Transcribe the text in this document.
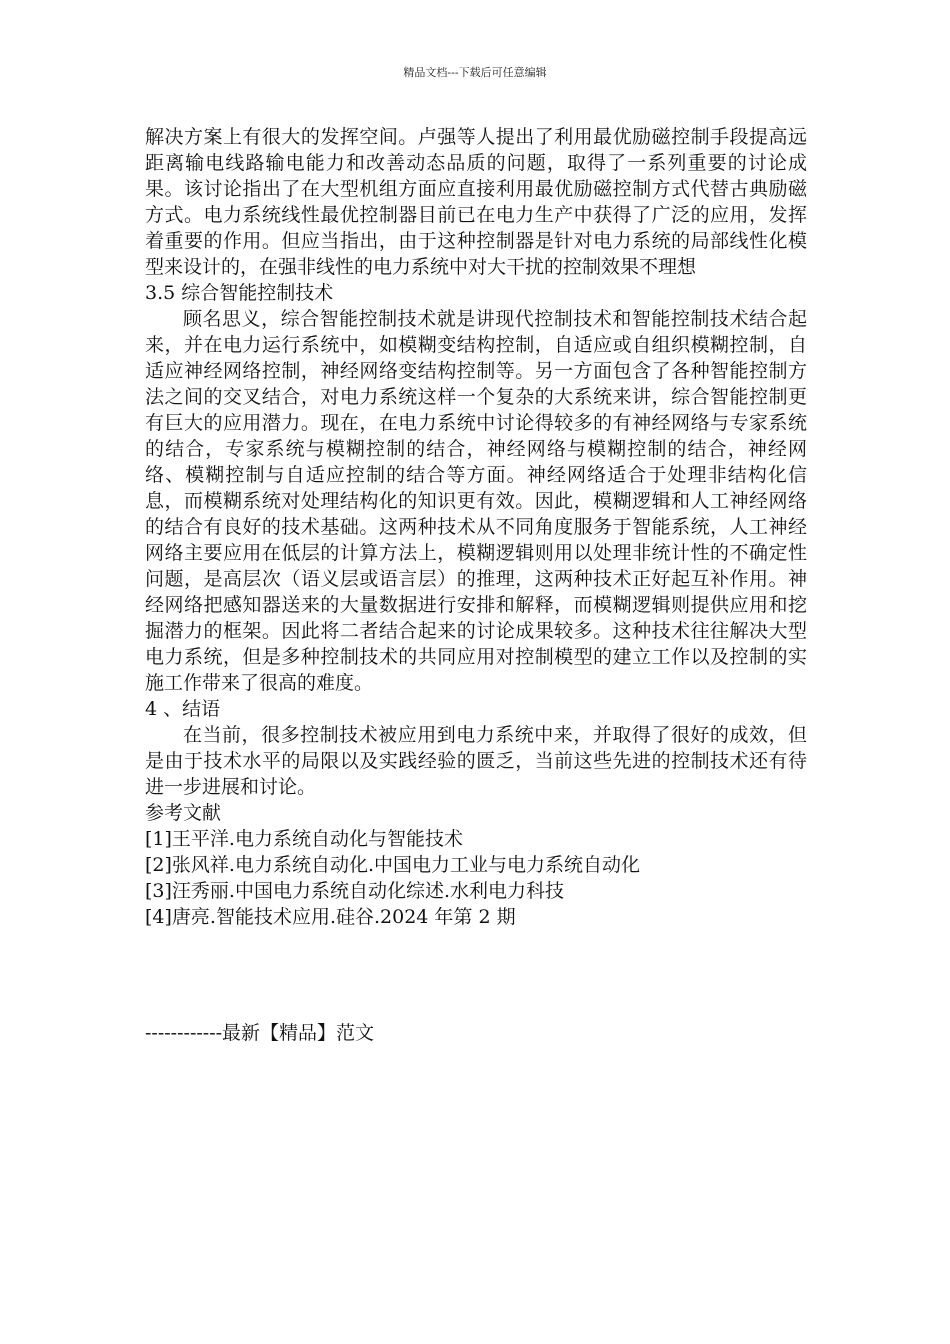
精品文档---下载后可任意编辑

解决方案上有很大的发挥空间。卢强等人提出了利用最优励磁控制手段提高远距离输电线路输电能力和改善动态品质的问题，取得了一系列重要的讨论成果。该讨论指出了在大型机组方面应直接利用最优励磁控制方式代替古典励磁方式。电力系统线性最优控制器目前已在电力生产中获得了广泛的应用，发挥着重要的作用。但应当指出，由于这种控制器是针对电力系统的局部线性化模型来设计的，在强非线性的电力系统中对大干扰的控制效果不理想

3.5 综合智能控制技术

顾名思义，综合智能控制技术就是讲现代控制技术和智能控制技术结合起来，并在电力运行系统中，如模糊变结构控制，自适应或自组织模糊控制，自适应神经网络控制，神经网络变结构控制等。另一方面包含了各种智能控制方法之间的交叉结合，对电力系统这样一个复杂的大系统来讲，综合智能控制更有巨大的应用潜力。现在，在电力系统中讨论得较多的有神经网络与专家系统的结合，专家系统与模糊控制的结合，神经网络与模糊控制的结合，神经网络、模糊控制与自适应控制的结合等方面。神经网络适合于处理非结构化信息，而模糊系统对处理结构化的知识更有效。因此，模糊逻辑和人工神经网络的结合有良好的技术基础。这两种技术从不同角度服务于智能系统，人工神经网络主要应用在低层的计算方法上，模糊逻辑则用以处理非统计性的不确定性问题，是高层次（语义层或语言层）的推理，这两种技术正好起互补作用。神经网络把感知器送来的大量数据进行安排和解释，而模糊逻辑则提供应用和挖掘潜力的框架。因此将二者结合起来的讨论成果较多。这种技术往往解决大型电力系统，但是多种控制技术的共同应用对控制模型的建立工作以及控制的实施工作带来了很高的难度。

4 、结语

在当前，很多控制技术被应用到电力系统中来，并取得了很好的成效，但是由于技术水平的局限以及实践经验的匮乏，当前这些先进的控制技术还有待进一步进展和讨论。

参考文献

[1]王平洋.电力系统自动化与智能技术

[2]张风祥.电力系统自动化.中国电力工业与电力系统自动化

[3]汪秀丽.中国电力系统自动化综述.水利电力科技

[4]唐亮.智能技术应用.硅谷.2024 年第 2 期

------------最新【精品】范文
